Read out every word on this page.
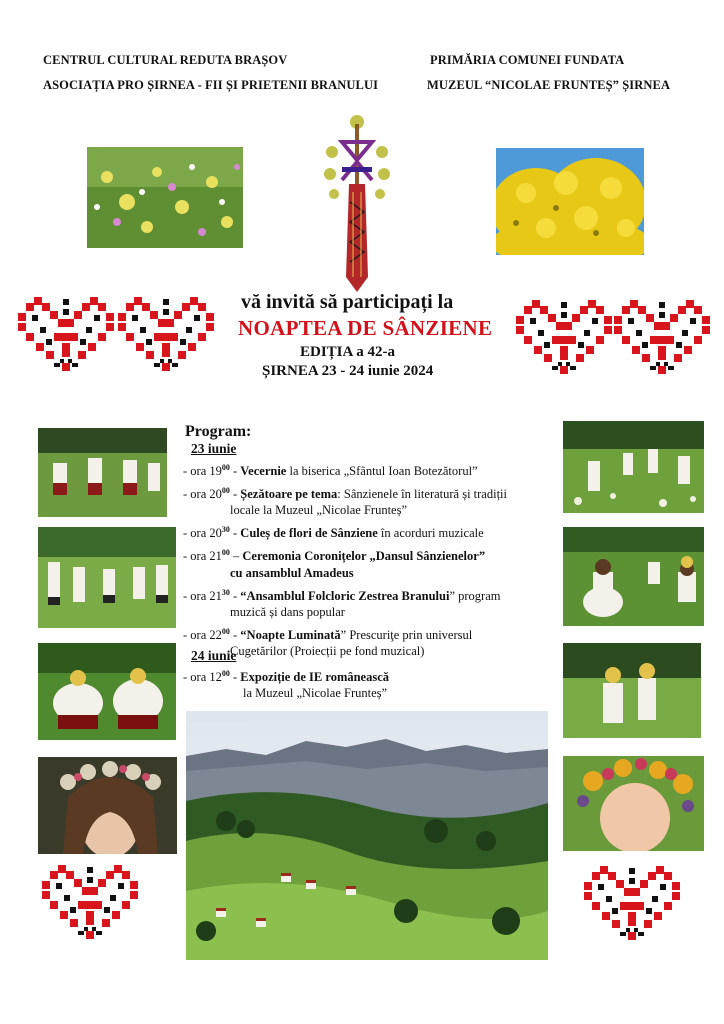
CENTRUL CULTURAL REDUTA BRAȘOV
ASOCIAȚIA PRO ȘIRNEA - FII ȘI PRIETENII BRANULUI
PRIMĂRIA COMUNEI FUNDATA
MUZEUL “NICOLAE FRUNTEȘ” ȘIRNEA
vă invită să participați la
NOAPTEA DE SÂNZIENE
EDIȚIA a 42-a
ȘIRNEA 23 - 24 iunie 2024
Program:
23 iunie
- ora $19^{00}$ - Vecernie la biserica „Sfântul Ioan Botezătorul”
- ora $20^{00}$ - Șezătoare pe tema: Sânzienele în literatură și tradiții
locale la Muzeul „Nicolae Frunteș”
- ora $20^{30}$ - Culeș de flori de Sânziene în acorduri muzicale
- ora $21^{00}$ – Ceremonia Coronițelor „Dansul Sânzienelor”
cu ansamblul Amadeus
- ora $21^{30}$ - “Ansamblul Folcloric Zestrea Branului” program
muzică și dans popular
- ora $22^{00}$ - “Noapte Luminată” Prescuriţe prin universul
Cugetărilor (Proiecții pe fond muzical)
24 iunie
- ora $12^{00}$ - Expoziție de IE românească
la Muzeul „Nicolae Frunteș”
